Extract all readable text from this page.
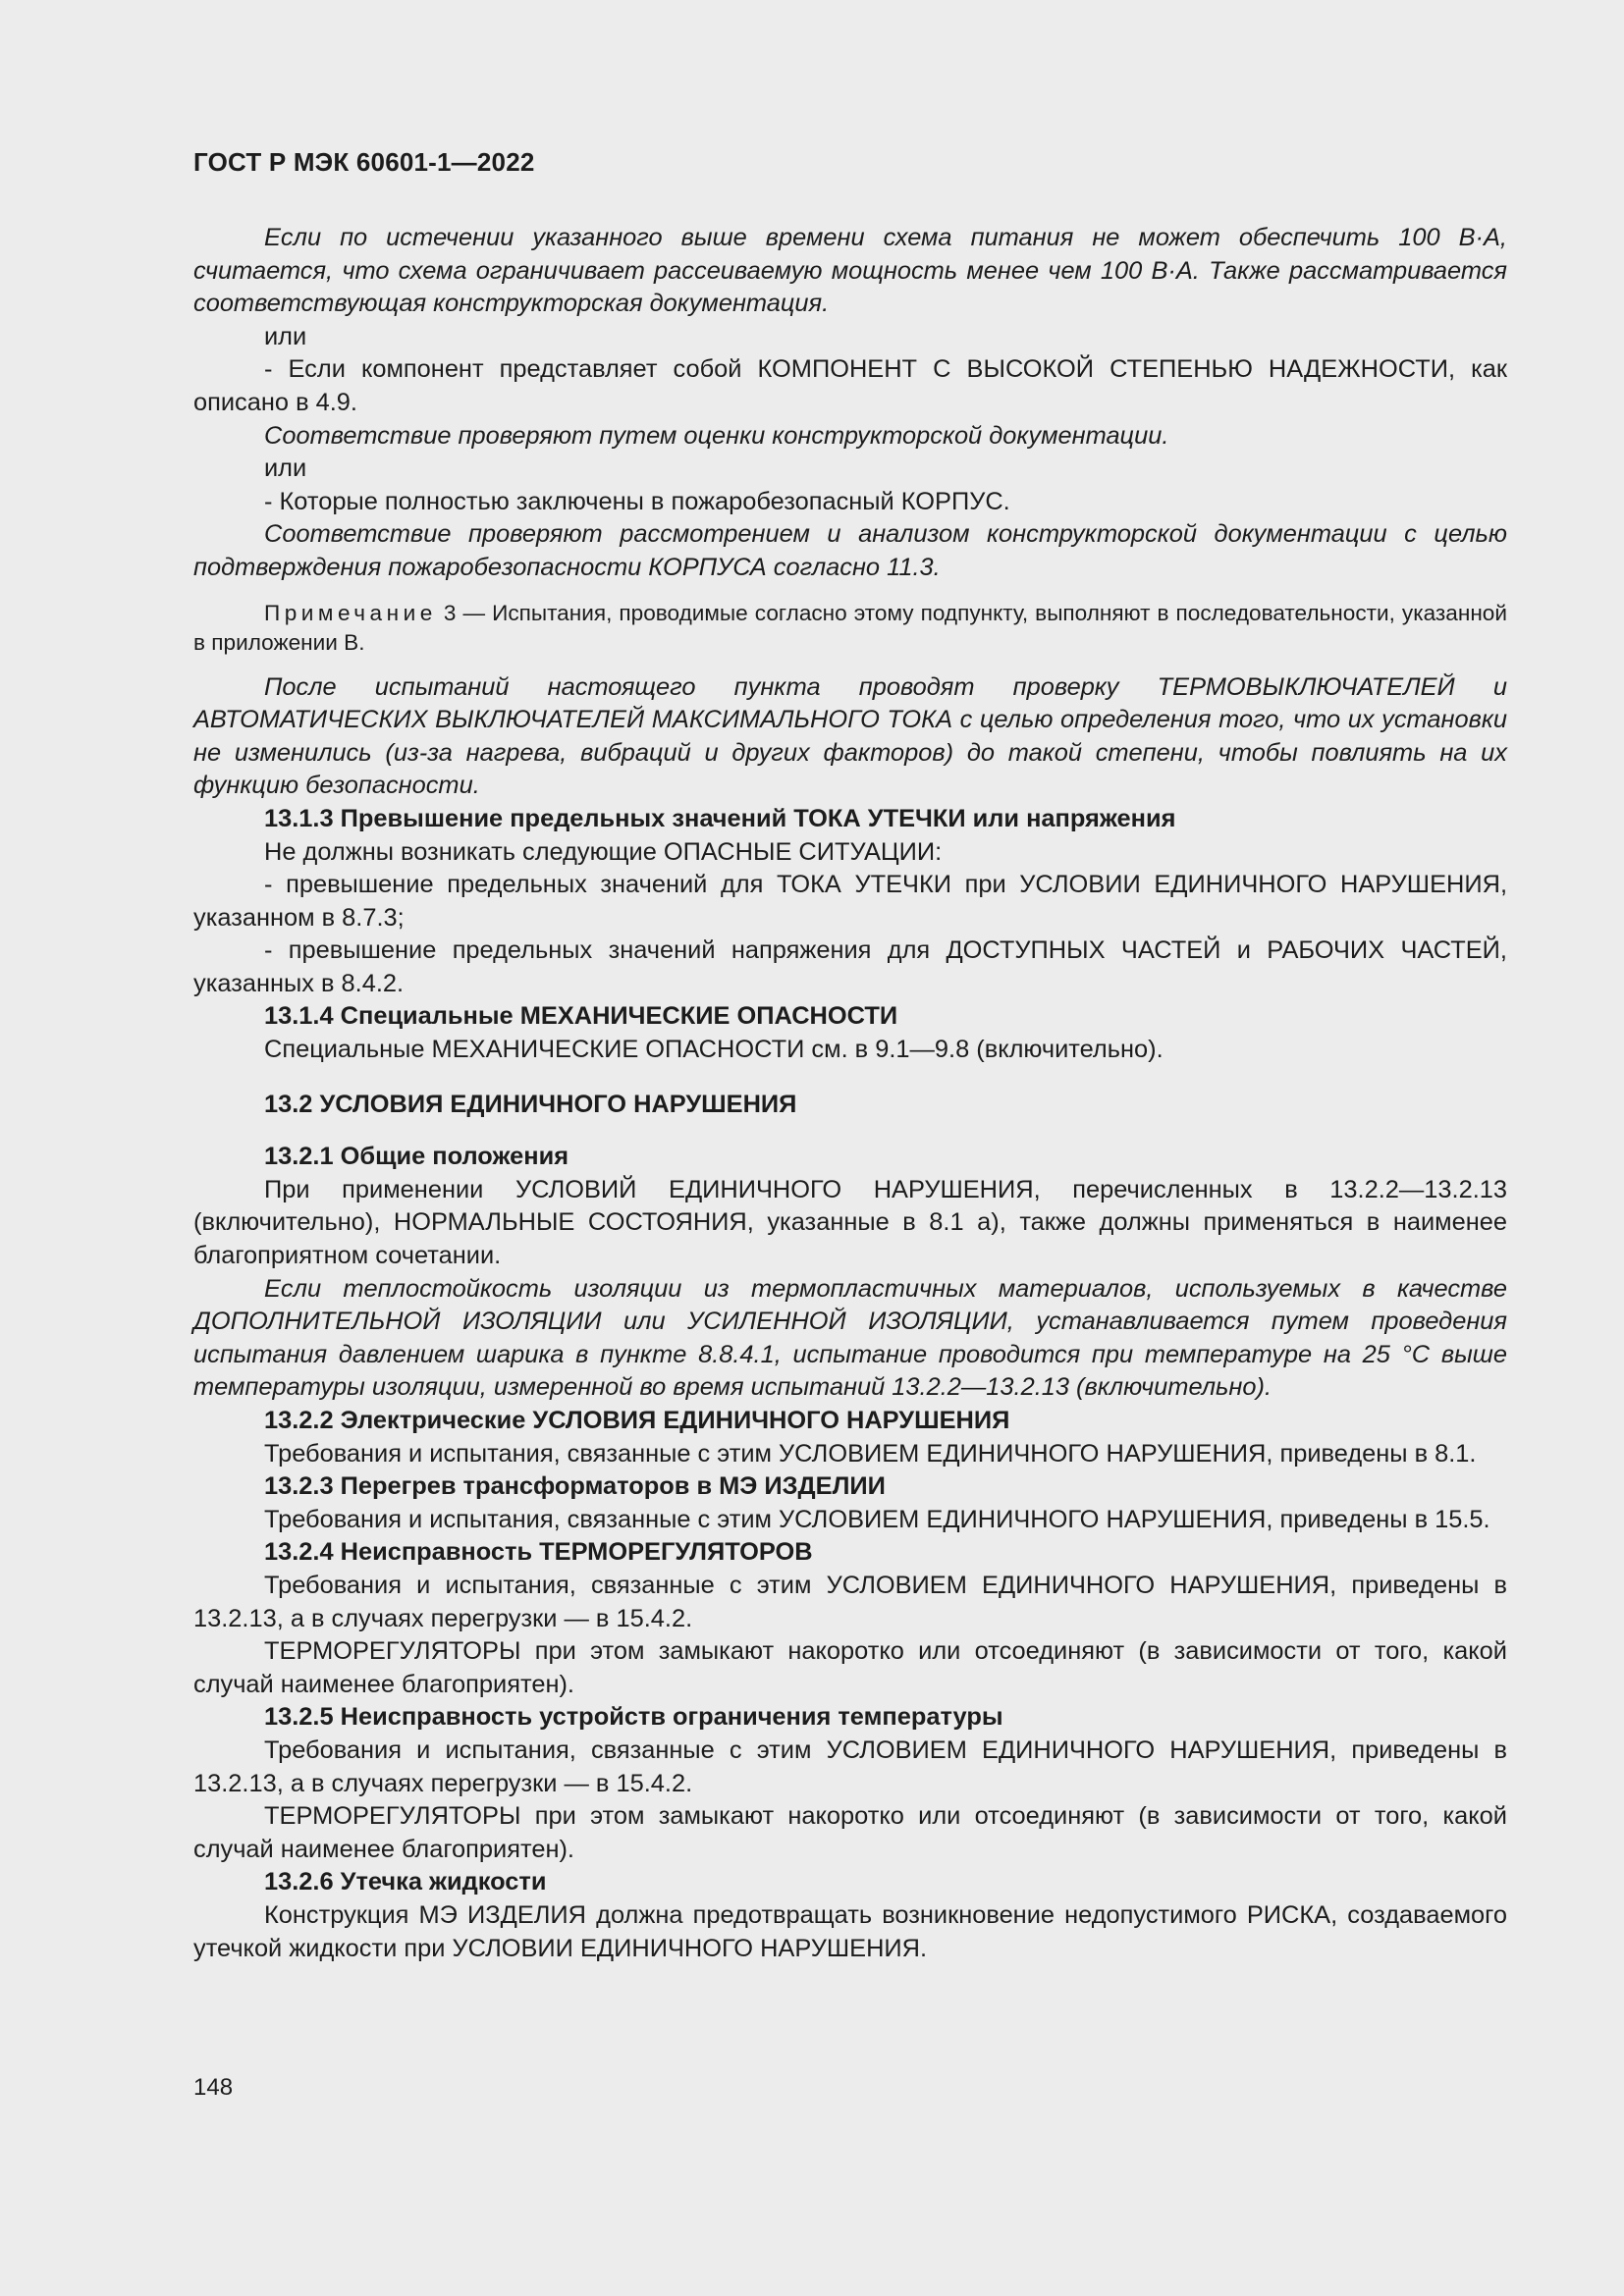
ГОСТ Р МЭК 60601-1—2022

Если по истечении указанного выше времени схема питания не может обеспечить 100 В·А, считается, что схема ограничивает рассеиваемую мощность менее чем 100 В·А. Также рассматривается соответствующая конструкторская документация.

или

- Если компонент представляет собой КОМПОНЕНТ С ВЫСОКОЙ СТЕПЕНЬЮ НАДЕЖНОСТИ, как описано в 4.9.

Соответствие проверяют путем оценки конструкторской документации.

или

- Которые полностью заключены в пожаробезопасный КОРПУС.

Соответствие проверяют рассмотрением и анализом конструкторской документации с целью подтверждения пожаробезопасности КОРПУСА согласно 11.3.

Примечание 3 — Испытания, проводимые согласно этому подпункту, выполняют в последовательности, указанной в приложении В.

После испытаний настоящего пункта проводят проверку ТЕРМОВЫКЛЮЧАТЕЛЕЙ и АВТОМАТИЧЕСКИХ ВЫКЛЮЧАТЕЛЕЙ МАКСИМАЛЬНОГО ТОКА с целью определения того, что их установки не изменились (из-за нагрева, вибраций и других факторов) до такой степени, чтобы повлиять на их функцию безопасности.

13.1.3 Превышение предельных значений ТОКА УТЕЧКИ или напряжения

Не должны возникать следующие ОПАСНЫЕ СИТУАЦИИ:

- превышение предельных значений для ТОКА УТЕЧКИ при УСЛОВИИ ЕДИНИЧНОГО НАРУШЕНИЯ, указанном в 8.7.3;

- превышение предельных значений напряжения для ДОСТУПНЫХ ЧАСТЕЙ и РАБОЧИХ ЧАСТЕЙ, указанных в 8.4.2.

13.1.4 Специальные МЕХАНИЧЕСКИЕ ОПАСНОСТИ

Специальные МЕХАНИЧЕСКИЕ ОПАСНОСТИ см. в 9.1—9.8 (включительно).

13.2 УСЛОВИЯ ЕДИНИЧНОГО НАРУШЕНИЯ

13.2.1 Общие положения

При применении УСЛОВИЙ ЕДИНИЧНОГО НАРУШЕНИЯ, перечисленных в 13.2.2—13.2.13 (включительно), НОРМАЛЬНЫЕ СОСТОЯНИЯ, указанные в 8.1 а), также должны применяться в наименее благоприятном сочетании.

Если теплостойкость изоляции из термопластичных материалов, используемых в качестве ДОПОЛНИТЕЛЬНОЙ ИЗОЛЯЦИИ или УСИЛЕННОЙ ИЗОЛЯЦИИ, устанавливается путем проведения испытания давлением шарика в пункте 8.8.4.1, испытание проводится при температуре на 25 °С выше температуры изоляции, измеренной во время испытаний 13.2.2—13.2.13 (включительно).

13.2.2 Электрические УСЛОВИЯ ЕДИНИЧНОГО НАРУШЕНИЯ

Требования и испытания, связанные с этим УСЛОВИЕМ ЕДИНИЧНОГО НАРУШЕНИЯ, приведены в 8.1.

13.2.3 Перегрев трансформаторов в МЭ ИЗДЕЛИИ

Требования и испытания, связанные с этим УСЛОВИЕМ ЕДИНИЧНОГО НАРУШЕНИЯ, приведены в 15.5.

13.2.4 Неисправность ТЕРМОРЕГУЛЯТОРОВ

Требования и испытания, связанные с этим УСЛОВИЕМ ЕДИНИЧНОГО НАРУШЕНИЯ, приведены в 13.2.13, а в случаях перегрузки — в 15.4.2.

ТЕРМОРЕГУЛЯТОРЫ при этом замыкают накоротко или отсоединяют (в зависимости от того, какой случай наименее благоприятен).

13.2.5 Неисправность устройств ограничения температуры

Требования и испытания, связанные с этим УСЛОВИЕМ ЕДИНИЧНОГО НАРУШЕНИЯ, приведены в 13.2.13, а в случаях перегрузки — в 15.4.2.

ТЕРМОРЕГУЛЯТОРЫ при этом замыкают накоротко или отсоединяют (в зависимости от того, какой случай наименее благоприятен).

13.2.6 Утечка жидкости

Конструкция МЭ ИЗДЕЛИЯ должна предотвращать возникновение недопустимого РИСКА, создаваемого утечкой жидкости при УСЛОВИИ ЕДИНИЧНОГО НАРУШЕНИЯ.

148
